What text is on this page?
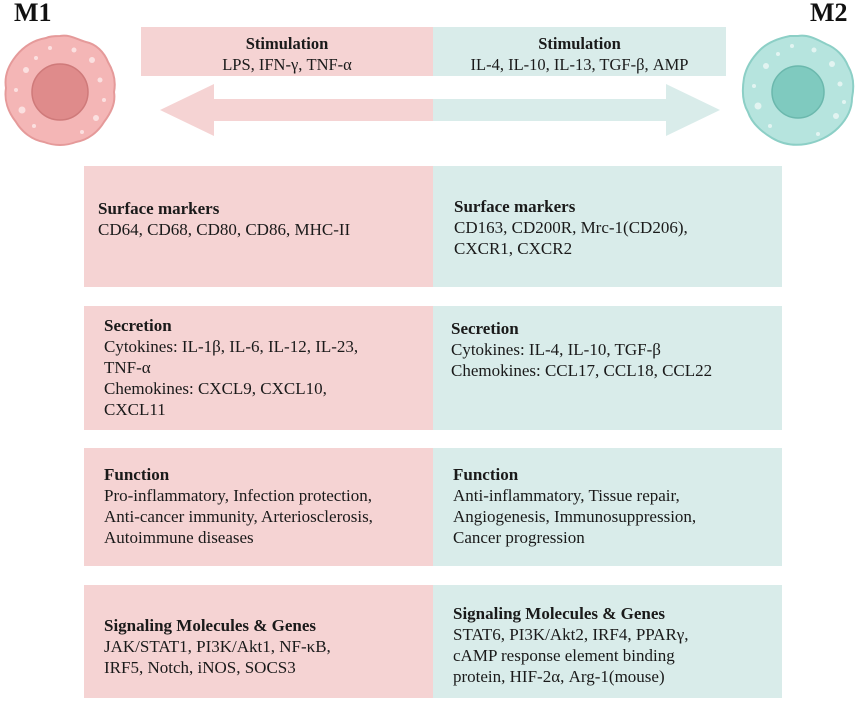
M1	M2
Stimulation
LPS, IFN-γ, TNF-α
Stimulation
IL-4, IL-10, IL-13, TGF-β, AMP
Surface markers
CD64, CD68, CD80, CD86, MHC-II
Secretion
Cytokines: IL-1β, IL-6, IL-12, IL-23,
TNF-α
Chemokines: CXCL9, CXCL10,
CXCL11
Function
Pro-inflammatory, Infection protection,
Anti-cancer immunity, Arteriosclerosis,
Autoimmune diseases
Signaling Molecules & Genes
JAK/STAT1, PI3K/Akt1, NF-κB,
IRF5, Notch, iNOS, SOCS3
Surface markers
CD163, CD200R, Mrc-1(CD206),
CXCR1, CXCR2
Secretion
Cytokines: IL-4, IL-10, TGF-β
Chemokines: CCL17, CCL18, CCL22
Function
Anti-inflammatory, Tissue repair,
Angiogenesis, Immunosuppression,
Cancer progression
Signaling Molecules & Genes
STAT6, PI3K/Akt2, IRF4, PPARγ,
cAMP response element binding
protein, HIF-2α, Arg-1(mouse)
